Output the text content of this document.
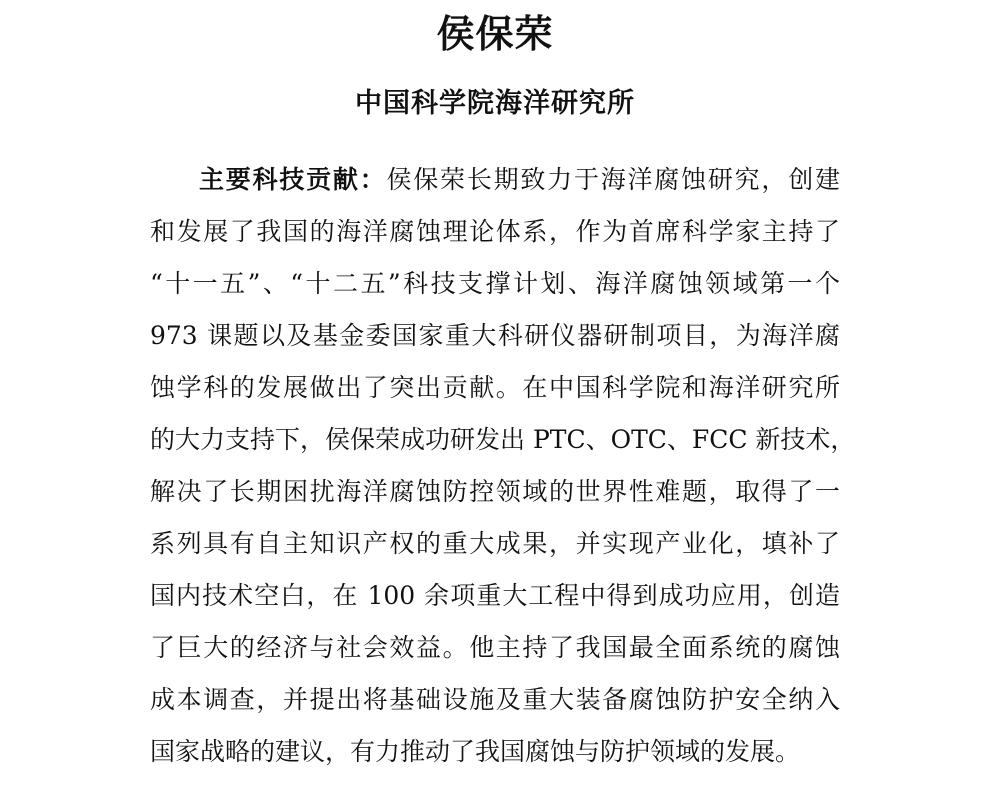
侯保荣
中国科学院海洋研究所
主要科技贡献：侯保荣长期致力于海洋腐蚀研究，创建
和发展了我国的海洋腐蚀理论体系，作为首席科学家主持了
“十一五”、“十二五”科技支撑计划、海洋腐蚀领域第一个
973 课题以及基金委国家重大科研仪器研制项目，为海洋腐
蚀学科的发展做出了突出贡献。在中国科学院和海洋研究所
的大力支持下，侯保荣成功研发出 PTC、OTC、FCC 新技术，
解决了长期困扰海洋腐蚀防控领域的世界性难题，取得了一
系列具有自主知识产权的重大成果，并实现产业化，填补了
国内技术空白，在 100 余项重大工程中得到成功应用，创造
了巨大的经济与社会效益。他主持了我国最全面系统的腐蚀
成本调查，并提出将基础设施及重大装备腐蚀防护安全纳入
国家战略的建议，有力推动了我国腐蚀与防护领域的发展。
